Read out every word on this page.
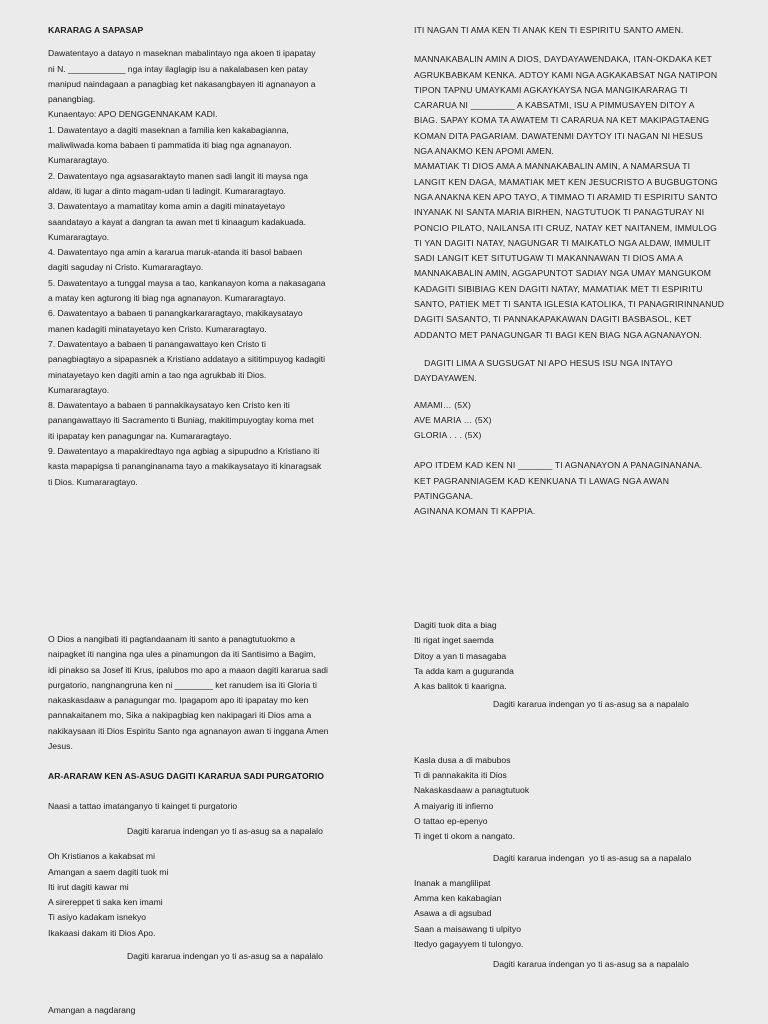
KARARAG A SAPASAP
Dawatentayo a datayo n maseknan mabalintayo nga akoen ti ipapatay
ni N. ____________ nga intay ilaglagip isu a nakalabasen ken patay
manipud naindagaan a panagbiag ket nakasangbayen iti agnanayon a
panangbiag.
Kunaentayo: APO DENGGENNAKAM KADI.
1. Dawatentayo a dagiti maseknan a familia ken kakabagianna,
maliwliwada koma babaen ti pammatida iti biag nga agnanayon.
Kumararagtayo.
2. Dawatentayo nga agsasaraktayto manen sadi langit iti maysa nga
aldaw, iti lugar a dinto magam-udan ti ladingit. Kumararagtayo.
3. Dawatentayo a mamatitay koma amin a dagiti minatayetayo
saandatayo a kayat a dangran ta awan met ti kinaagum kadakuada.
Kumararagtayo.
4. Dawatentayo nga amin a kararua maruk-atanda iti basol babaen
dagiti saguday ni Cristo. Kumararagtayo.
5. Dawatentayo a tunggal maysa a tao, kankanayon koma a nakasagana
a matay ken agturong iti biag nga agnanayon. Kumararagtayo.
6. Dawatentayo a babaen ti panangkarkararagtayo, makikaysatayo
manen kadagiti minatayetayo ken Cristo. Kumararagtayo.
7. Dawatentayo a babaen ti panangawattayo ken Cristo ti
panagbiagtayo a sipapasnek a Kristiano addatayo a sititimpuyog kadagiti
minatayetayo ken dagiti amin a tao nga agrukbab iti Dios.
Kumararagtayo.
8. Dawatentayo a babaen ti pannakikaysatayo ken Cristo ken iti
panangawattayo iti Sacramento ti Buniag, makitimpuyogtay koma met
iti ipapatay ken panagungar na. Kumararagtayo.
9. Dawatentayo a mapakiredtayo nga agbiag a sipupudno a Kristiano iti
kasta mapapigsa ti pananginanama tayo a makikaysatayo iti kinaragsak
ti Dios. Kumararagtayo.
ITI NAGAN TI AMA KEN TI ANAK KEN TI ESPIRITU SANTO AMEN.
MANNAKABALIN AMIN A DIOS, DAYDAYAWENDAKA, ITAN-OKDAKA KET
AGRUKBABKAM KENKA. ADTOY KAMI NGA AGKAKABSAT NGA NATIPON
TIPON TAPNU UMAYKAMI AGKAYKAYSA NGA MANGIKARARAG TI
CARARUA NI _________ A KABSATMI, ISU A PIMMUSAYEN DITOY A
BIAG. SAPAY KOMA TA AWATEM TI CARARUA NA KET MAKIPAGTAENG
KOMAN DITA PAGARIAM. DAWATENMI DAYTOY ITI NAGAN NI HESUS
NGA ANAKMO KEN APOMI AMEN.
MAMATIAK TI DIOS AMA A MANNAKABALIN AMIN, A NAMARSUA TI
LANGIT KEN DAGA, MAMATIAK MET KEN JESUCRISTO A BUGBUGTONG
NGA ANAKNA KEN APO TAYO, A TIMMAO TI ARAMID TI ESPIRITU SANTO
INYANAK NI SANTA MARIA BIRHEN, NAGTUTUOK TI PANAGTURAY NI
PONCIO PILATO, NAILANSA ITI CRUZ, NATAY KET NAITANEM, IMMULOG
TI YAN DAGITI NATAY, NAGUNGAR TI MAIKATLO NGA ALDAW, IMMULIT
SADI LANGIT KET SITUTUGAW TI MAKANNAWAN TI DIOS AMA A
MANNAKABALIN AMIN, AGGAPUNTOT SADIAY NGA UMAY MANGUKOM
KADAGITI SIBIBIAG KEN DAGITI NATAY, MAMATIAK MET TI ESPIRITU
SANTO, PATIEK MET TI SANTA IGLESIA KATOLIKA, TI PANAGRIRINNANUD
DAGITI SASANTO, TI PANNAKAPAKAWAN DAGITI BASBASOL, KET
ADDANTO MET PANAGUNGAR TI BAGI KEN BIAG NGA AGNANAYON.
DAGITI LIMA A SUGSUGAT NI APO HESUS ISU NGA INTAYO
DAYDAYAWEN.
AMAMI… (5X)
AVE MARIA … (5X)
GLORIA . . . (5X)
APO ITDEM KAD KEN NI _______ TI AGNANAYON A PANAGINANANA.
KET PAGRANNIAGEM KAD KENKUANA TI LAWAG NGA AWAN
PATINGGANA.
AGINANA KOMAN TI KAPPIA.
O Dios a nangibati iti pagtandaanam iti santo a panagtutuokmo a
naipagket iti nangina nga ules a pinamungon da iti Santisimo a Bagim,
idi pinakso sa Josef iti Krus, ipalubos mo apo a maaon dagiti kararua sadi
purgatorio, nangnangruna ken ni ________ ket ranudem isa iti Gloria ti
nakaskasdaaw a panagungar mo. Ipagapom apo iti ipapatay mo ken
pannakaitanem mo, Sika a nakipagbiag ken nakipagari iti Dios ama a
nakikaysaan iti Dios Espiritu Santo nga agnanayon awan ti inggana Amen
Jesus.
AR-ARARAW KEN AS-ASUG DAGITI KARARUA SADI PURGATORIO
Naasi a tattao imatanganyo ti kainget ti purgatorio
Dagiti kararua indengan yo ti as-asug sa a napalalo
Oh Kristianos a kakabsat mi
Amangan a saem dagiti tuok mi
Iti irut dagiti kawar mi
A sirereppet ti saka ken imami
Ti asiyo kadakam isnekyo
Ikakaasi dakam iti Dios Apo.
Dagiti kararua indengan yo ti as-asug sa a napalalo
Amangan a nagdarang
Dagiti tuok dita a biag
Iti rigat inget saemda
Ditoy a yan ti masagaba
Ta adda kam a guguranda
A kas balitok ti kaarigna.
Dagiti kararua indengan yo ti as-asug sa a napalalo
Kasla dusa a di mabubos
Ti di pannakakita iti Dios
Nakaskasdaaw a panagtutuok
A maiyarig iti infierno
O tattao ep-epenyo
Ti inget ti okom a nangato.
Dagiti kararua indengan  yo ti as-asug sa a napalalo
Inanak a manglilipat
Amma ken kakabagian
Asawa a di agsubad
Saan a maisawang ti ulpityo
Itedyo gagayyem ti tulongyo.
Dagiti kararua indengan yo ti as-asug sa a napalalo
